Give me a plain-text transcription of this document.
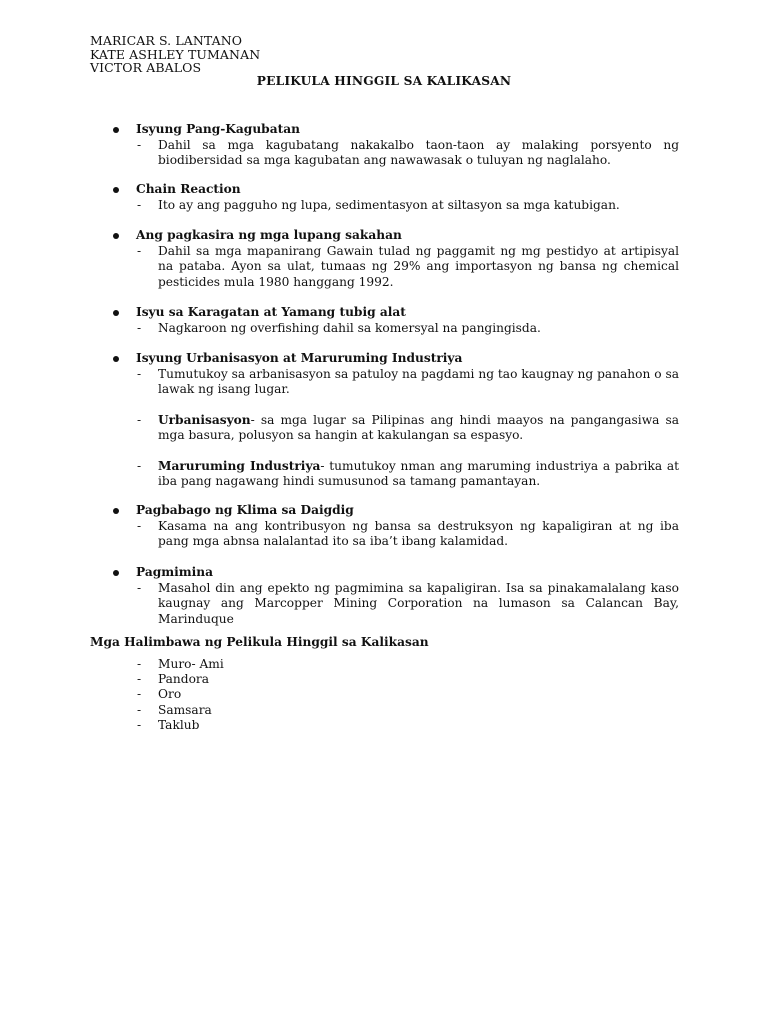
MARICAR S. LANTANO
KATE ASHLEY TUMANAN
VICTOR ABALOS
PELIKULA HINGGIL SA KALIKASAN
Isyung Pang-Kagubatan
- Dahil sa mga kagubatang nakakalbo taon-taon ay malaking porsyento ng biodibersidad sa mga kagubatan ang nawawasak o tuluyan ng naglalaho.
Chain Reaction
- Ito ay ang pagguho ng lupa, sedimentasyon at siltasyon sa mga katubigan.
Ang pagkasira ng mga lupang sakahan
- Dahil sa mga mapanirang Gawain tulad ng paggamit ng mg pestidyo at artipisyal na pataba. Ayon sa ulat, tumaas ng 29% ang importasyon ng bansa ng chemical pesticides mula 1980 hanggang 1992.
Isyu sa Karagatan at Yamang tubig alat
- Nagkaroon ng overfishing dahil sa komersyal na pangingisda.
Isyung Urbanisasyon at Maruruming Industriya
- Tumutukoy sa arbanisasyon sa patuloy na pagdami ng tao kaugnay ng panahon o sa lawak ng isang lugar.
- Urbanisasyon- sa mga lugar sa Pilipinas ang hindi maayos na pangangasiwa sa mga basura, polusyon sa hangin at kakulangan sa espasyo.
- Maruruming Industriya- tumutukoy nman ang maruming industriya a pabrika at iba pang nagawang hindi sumusunod sa tamang pamantayan.
Pagbabago ng Klima sa Daigdig
- Kasama na ang kontribusyon ng bansa sa destruksyon ng kapaligiran at ng iba pang mga abnsa nalalantad ito sa iba’t ibang kalamidad.
Pagmimina
- Masahol din ang epekto ng pagmimina sa kapaligiran. Isa sa pinakamalalang kaso kaugnay ang Marcopper Mining Corporation na lumason sa Calancan Bay, Marinduque
Mga Halimbawa ng Pelikula Hinggil sa Kalikasan
- Muro- Ami
- Pandora
- Oro
- Samsara
- Taklub
